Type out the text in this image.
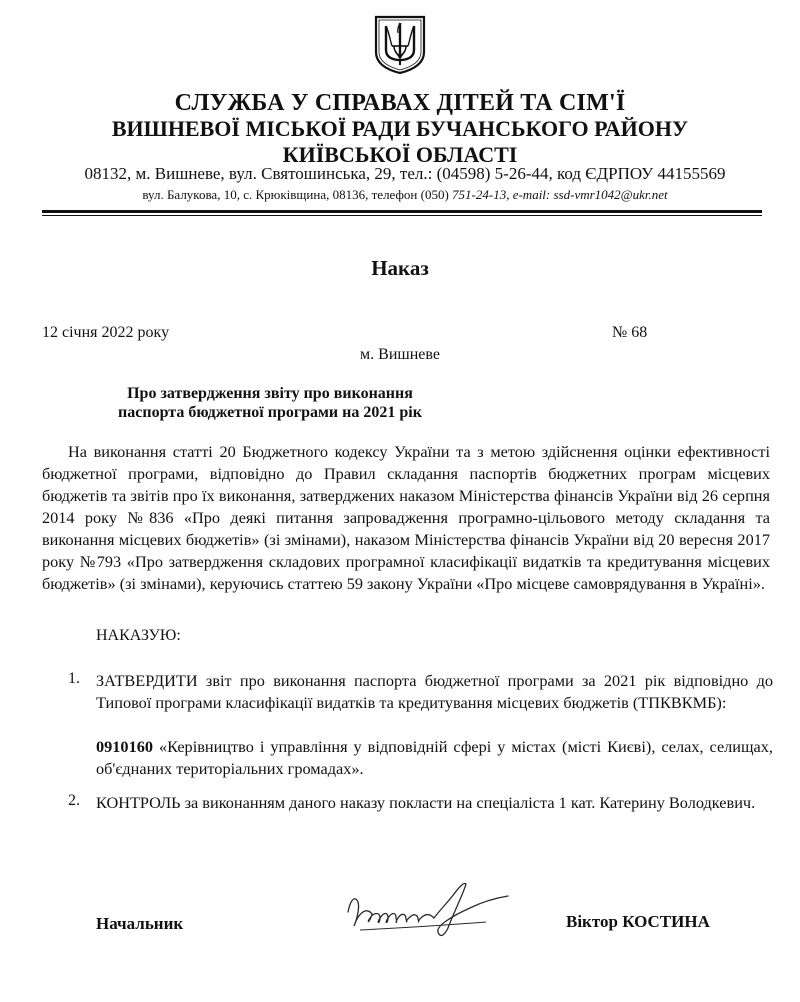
СЛУЖБА У СПРАВАХ ДІТЕЙ ТА СІМ'Ї
ВИШНЕВОЇ МІСЬКОЇ РАДИ БУЧАНСЬКОГО РАЙОНУ
КИЇВСЬКОЇ ОБЛАСТІ
08132, м. Вишневе, вул. Святошинська, 29, тел.: (04598) 5-26-44, код ЄДРПОУ 44155569
вул. Балукова, 10, с. Крюківщина, 08136, телефон (050) 751-24-13, e-mail: ssd-vmr1042@ukr.net
Наказ
12 січня 2022 року	№ 68
м. Вишневе
Про затвердження звіту про виконання
паспорта бюджетної програми на 2021 рік
На виконання статті 20 Бюджетного кодексу України та з метою здійснення оцінки ефективності бюджетної програми, відповідно до Правил складання паспортів бюджетних програм місцевих бюджетів та звітів про їх виконання, затверджених наказом Міністерства фінансів України від 26 серпня 2014 року №836 «Про деякі питання запровадження програмно-цільового методу складання та виконання місцевих бюджетів» (зі змінами), наказом Міністерства фінансів України від 20 вересня 2017 року №793 «Про затвердження складових програмної класифікації видатків та кредитування місцевих бюджетів» (зі змінами), керуючись статтею 59 закону України «Про місцеве самоврядування в Україні».
НАКАЗУЮ:
1. ЗАТВЕРДИТИ звіт про виконання паспорта бюджетної програми за 2021 рік відповідно до Типової програми класифікації видатків та кредитування місцевих бюджетів (ТПКВКМБ):
0910160 «Керівництво і управління у відповідній сфері у містах (місті Києві), селах, селищах, об'єднаних територіальних громадах».
2. КОНТРОЛЬ за виконанням даного наказу покласти на спеціаліста 1 кат. Катерину Володкевич.
Начальник	Віктор КОСТИНА
